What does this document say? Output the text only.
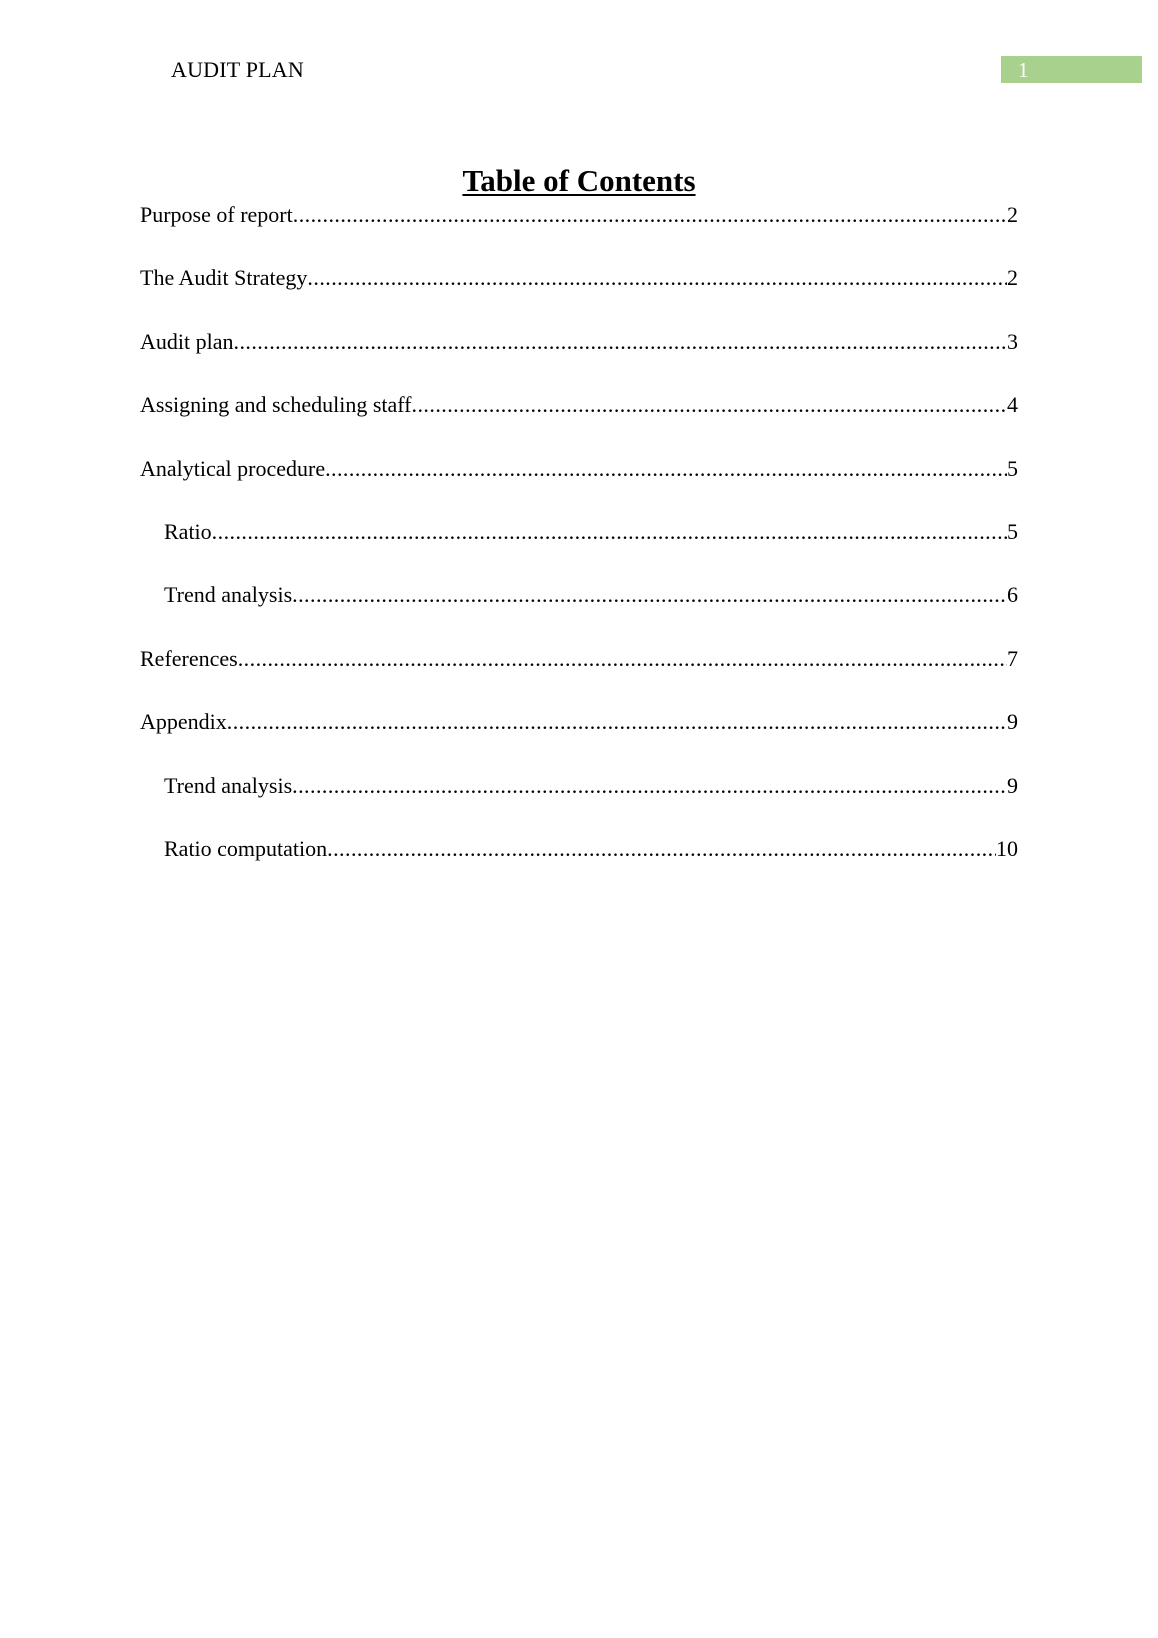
AUDIT PLAN	1
Table of Contents
Purpose of report .....	2
The Audit Strategy .....	2
Audit plan .....	3
Assigning and scheduling staff .....	4
Analytical procedure .....	5
Ratio .....	5
Trend analysis .....	6
References .....	7
Appendix .....	9
Trend analysis .....	9
Ratio computation .....	10
